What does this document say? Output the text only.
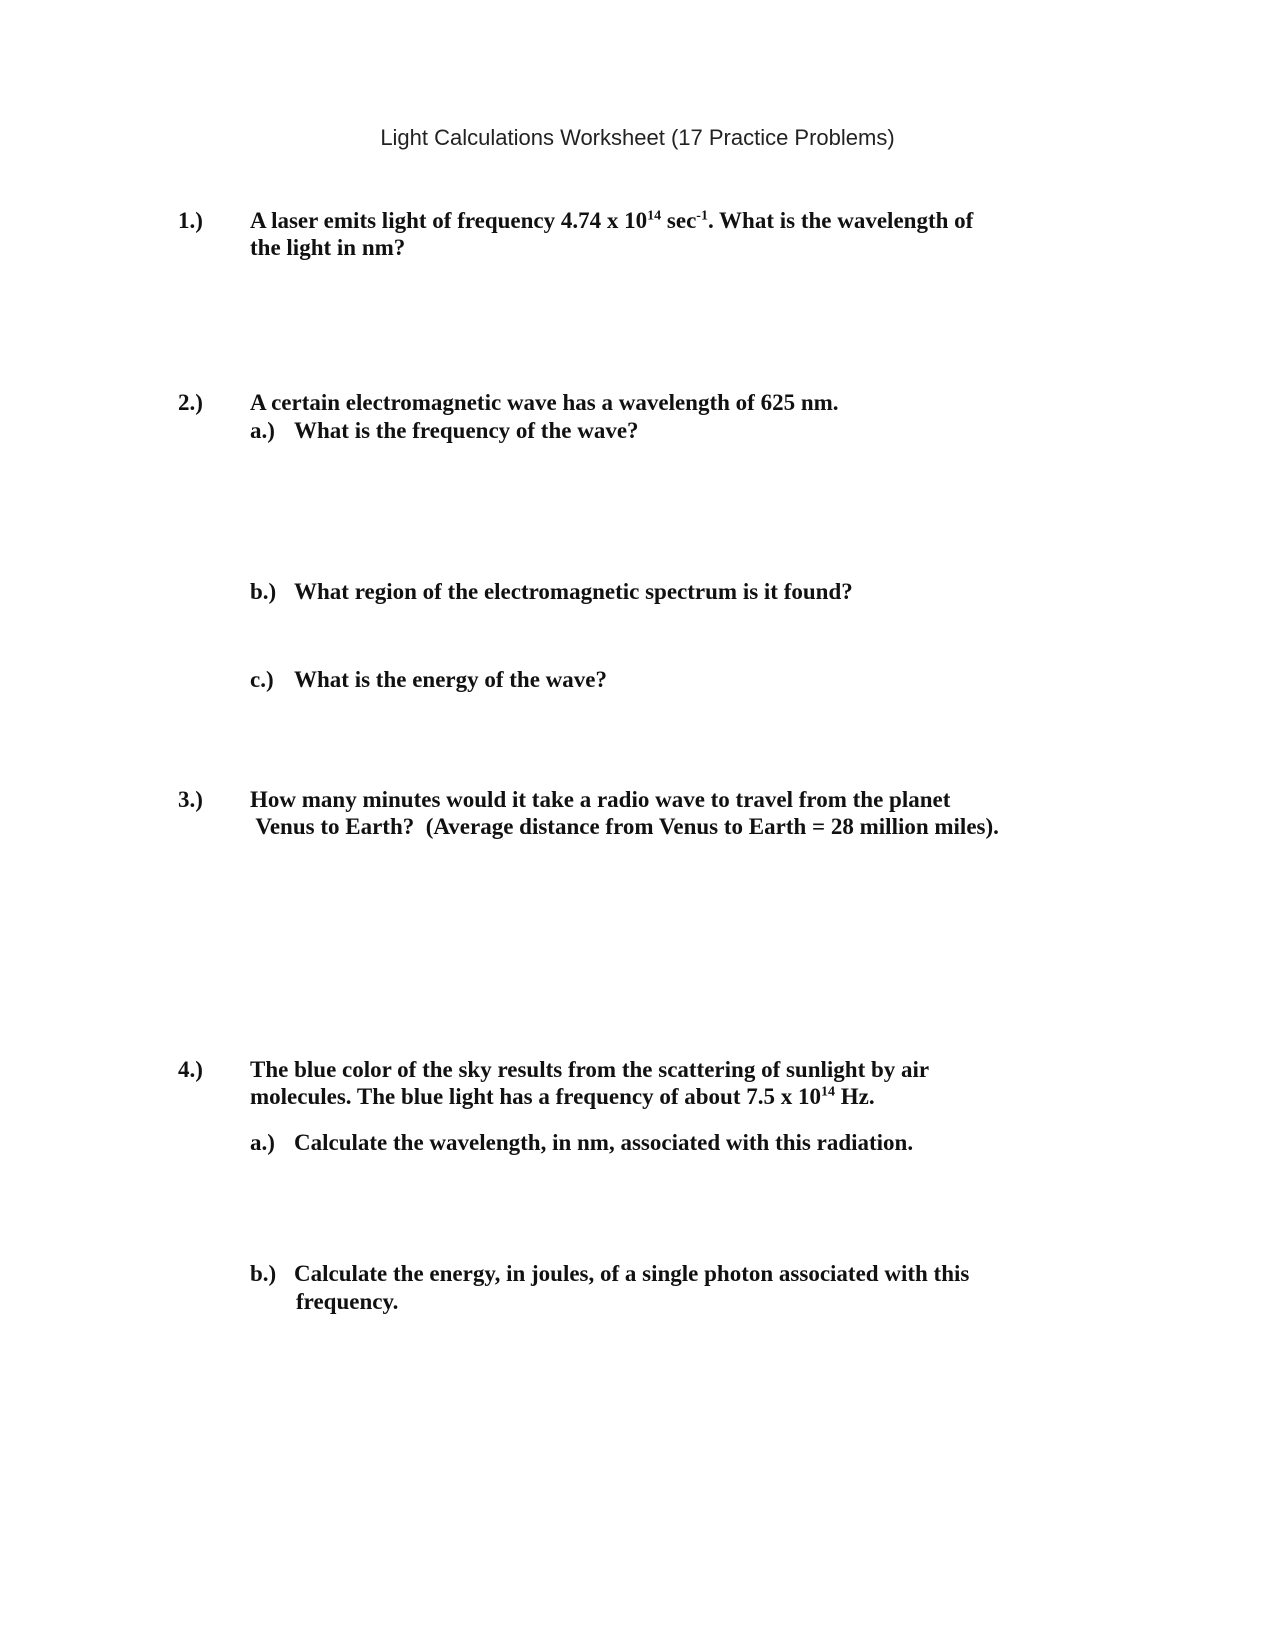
Light Calculations Worksheet (17 Practice Problems)
1.) A laser emits light of frequency 4.74 x $10^{14}$ $\sec^{-1}$. What is the wavelength of
the light in nm?
2.) A certain electromagnetic wave has a wavelength of 625 nm.
a.) What is the frequency of the wave?
b.) What region of the electromagnetic spectrum is it found?
c.) What is the energy of the wave?
3.) How many minutes would it take a radio wave to travel from the planet
Venus to Earth?  (Average distance from Venus to Earth = 28 million miles).
4.) The blue color of the sky results from the scattering of sunlight by air
molecules. The blue light has a frequency of about 7.5 x $10^{14}$ Hz.
a.) Calculate the wavelength, in nm, associated with this radiation.
b.) Calculate the energy, in joules, of a single photon associated with this
frequency.
